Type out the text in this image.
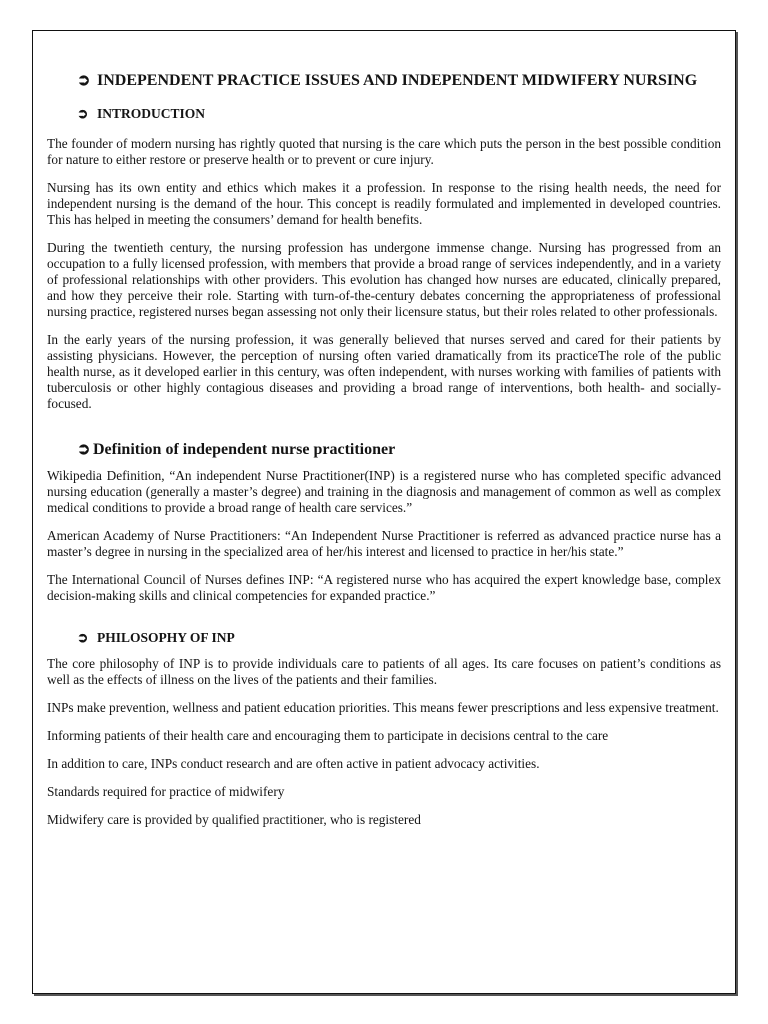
➲ INDEPENDENT PRACTICE ISSUES AND INDEPENDENT MIDWIFERY NURSING
➲ INTRODUCTION

The founder of modern nursing has rightly quoted that nursing is the care which puts the person in the best possible condition for nature to either restore or preserve health or to prevent or cure injury.

Nursing has its own entity and ethics which makes it a profession. In response to the rising health needs, the need for independent nursing is the demand of the hour. This concept is readily formulated and implemented in developed countries. This has helped in meeting the consumers’ demand for health benefits.

During the twentieth century, the nursing profession has undergone immense change. Nursing has progressed from an occupation to a fully licensed profession, with members that provide a broad range of services independently, and in a variety of professional relationships with other providers. This evolution has changed how nurses are educated, clinically prepared, and how they perceive their role. Starting with turn-of-the-century debates concerning the appropriateness of professional nursing practice, registered nurses began assessing not only their licensure status, but their roles related to other professionals.

In the early years of the nursing profession, it was generally believed that nurses served and cared for their patients by assisting physicians. However, the perception of nursing often varied dramatically from its practiceThe role of the public health nurse, as it developed earlier in this century, was often independent, with nurses working with families of patients with tuberculosis or other highly contagious diseases and providing a broad range of interventions, both health- and socially-focused.

➲ Definition of independent nurse practitioner

Wikipedia Definition, “An independent Nurse Practitioner(INP) is a registered nurse who has completed specific advanced nursing education (generally a master’s degree) and training in the diagnosis and management of common as well as complex medical conditions to provide a broad range of health care services.”

American Academy of Nurse Practitioners: “An Independent Nurse Practitioner is referred as advanced practice nurse has a master’s degree in nursing in the specialized area of her/his interest and licensed to practice in her/his state.”

The International Council of Nurses defines INP: “A registered nurse who has acquired the expert knowledge base, complex decision-making skills and clinical competencies for expanded practice.”

➲ PHILOSOPHY OF INP

The core philosophy of INP is to provide individuals care to patients of all ages. Its care focuses on patient’s conditions as well as the effects of illness on the lives of the patients and their families.

INPs make prevention, wellness and patient education priorities. This means fewer prescriptions and less expensive treatment.

Informing patients of their health care and encouraging them to participate in decisions central to the care

In addition to care, INPs conduct research and are often active in patient advocacy activities.

Standards required for practice of midwifery

Midwifery care is provided by qualified practitioner, who is registered
